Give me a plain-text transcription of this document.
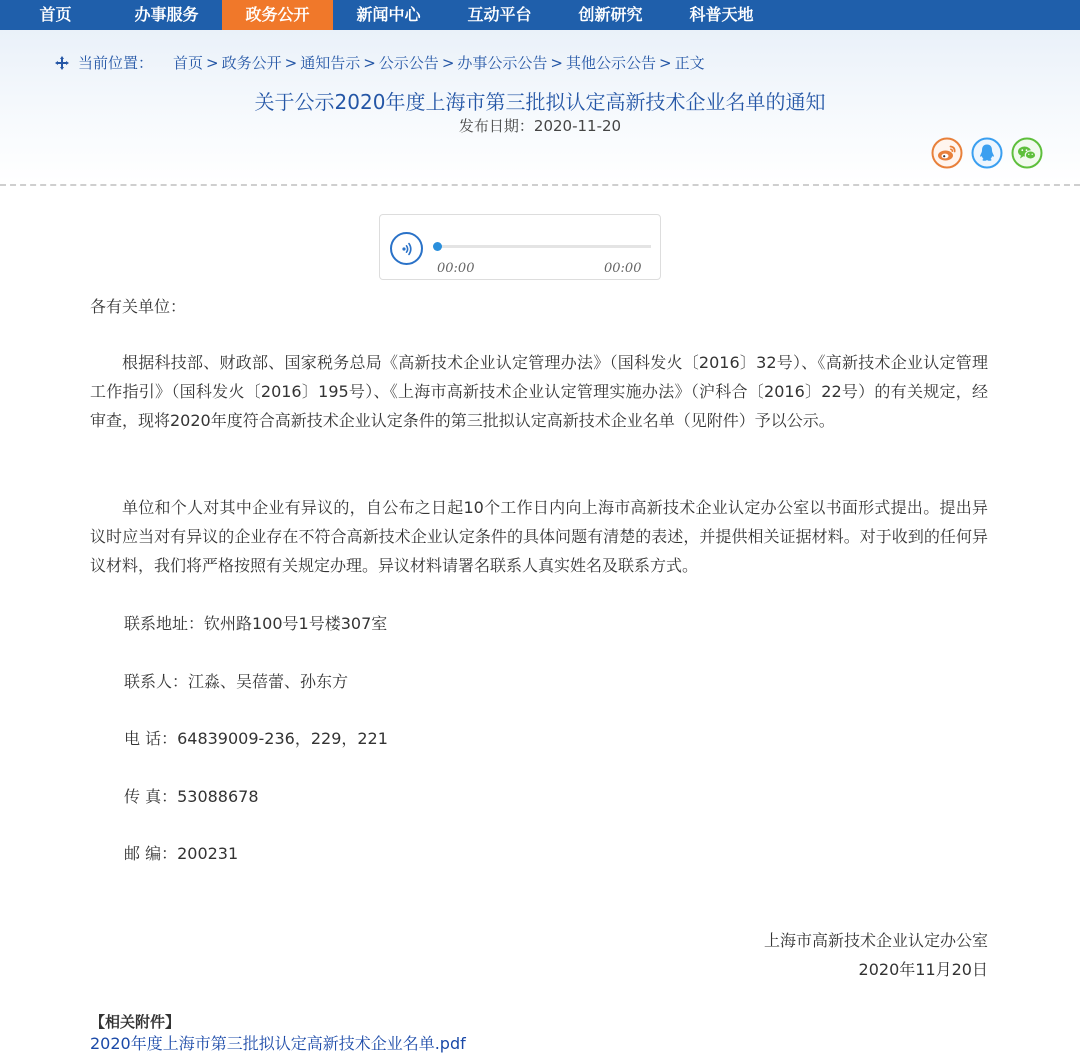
首页	办事服务	政务公开	新闻中心	互动平台	创新研究	科普天地
当前位置： 首页 > 政务公开 > 通知告示 > 公示公告 > 办事公示公告 > 其他公示公告 > 正文
关于公示2020年度上海市第三批拟认定高新技术企业名单的通知
发布日期：2020-11-20
00:00	00:00

各有关单位：

根据科技部、财政部、国家税务总局《高新技术企业认定管理办法》（国科发火〔2016〕32号）、《高新技术企业认定管理工作指引》（国科发火〔2016〕195号）、《上海市高新技术企业认定管理实施办法》（沪科合〔2016〕22号）的有关规定，经审查，现将2020年度符合高新技术企业认定条件的第三批拟认定高新技术企业名单（见附件）予以公示。

单位和个人对其中企业有异议的，自公布之日起10个工作日内向上海市高新技术企业认定办公室以书面形式提出。提出异议时应当对有异议的企业存在不符合高新技术企业认定条件的具体问题有清楚的表述，并提供相关证据材料。对于收到的任何异议材料，我们将严格按照有关规定办理。异议材料请署名联系人真实姓名及联系方式。

联系地址：钦州路100号1号楼307室
联系人：江淼、吴蓓蕾、孙东方
电 话：64839009-236，229，221
传 真：53088678
邮 编：200231
上海市高新技术企业认定办公室
2020年11月20日
【相关附件】
2020年度上海市第三批拟认定高新技术企业名单.pdf
